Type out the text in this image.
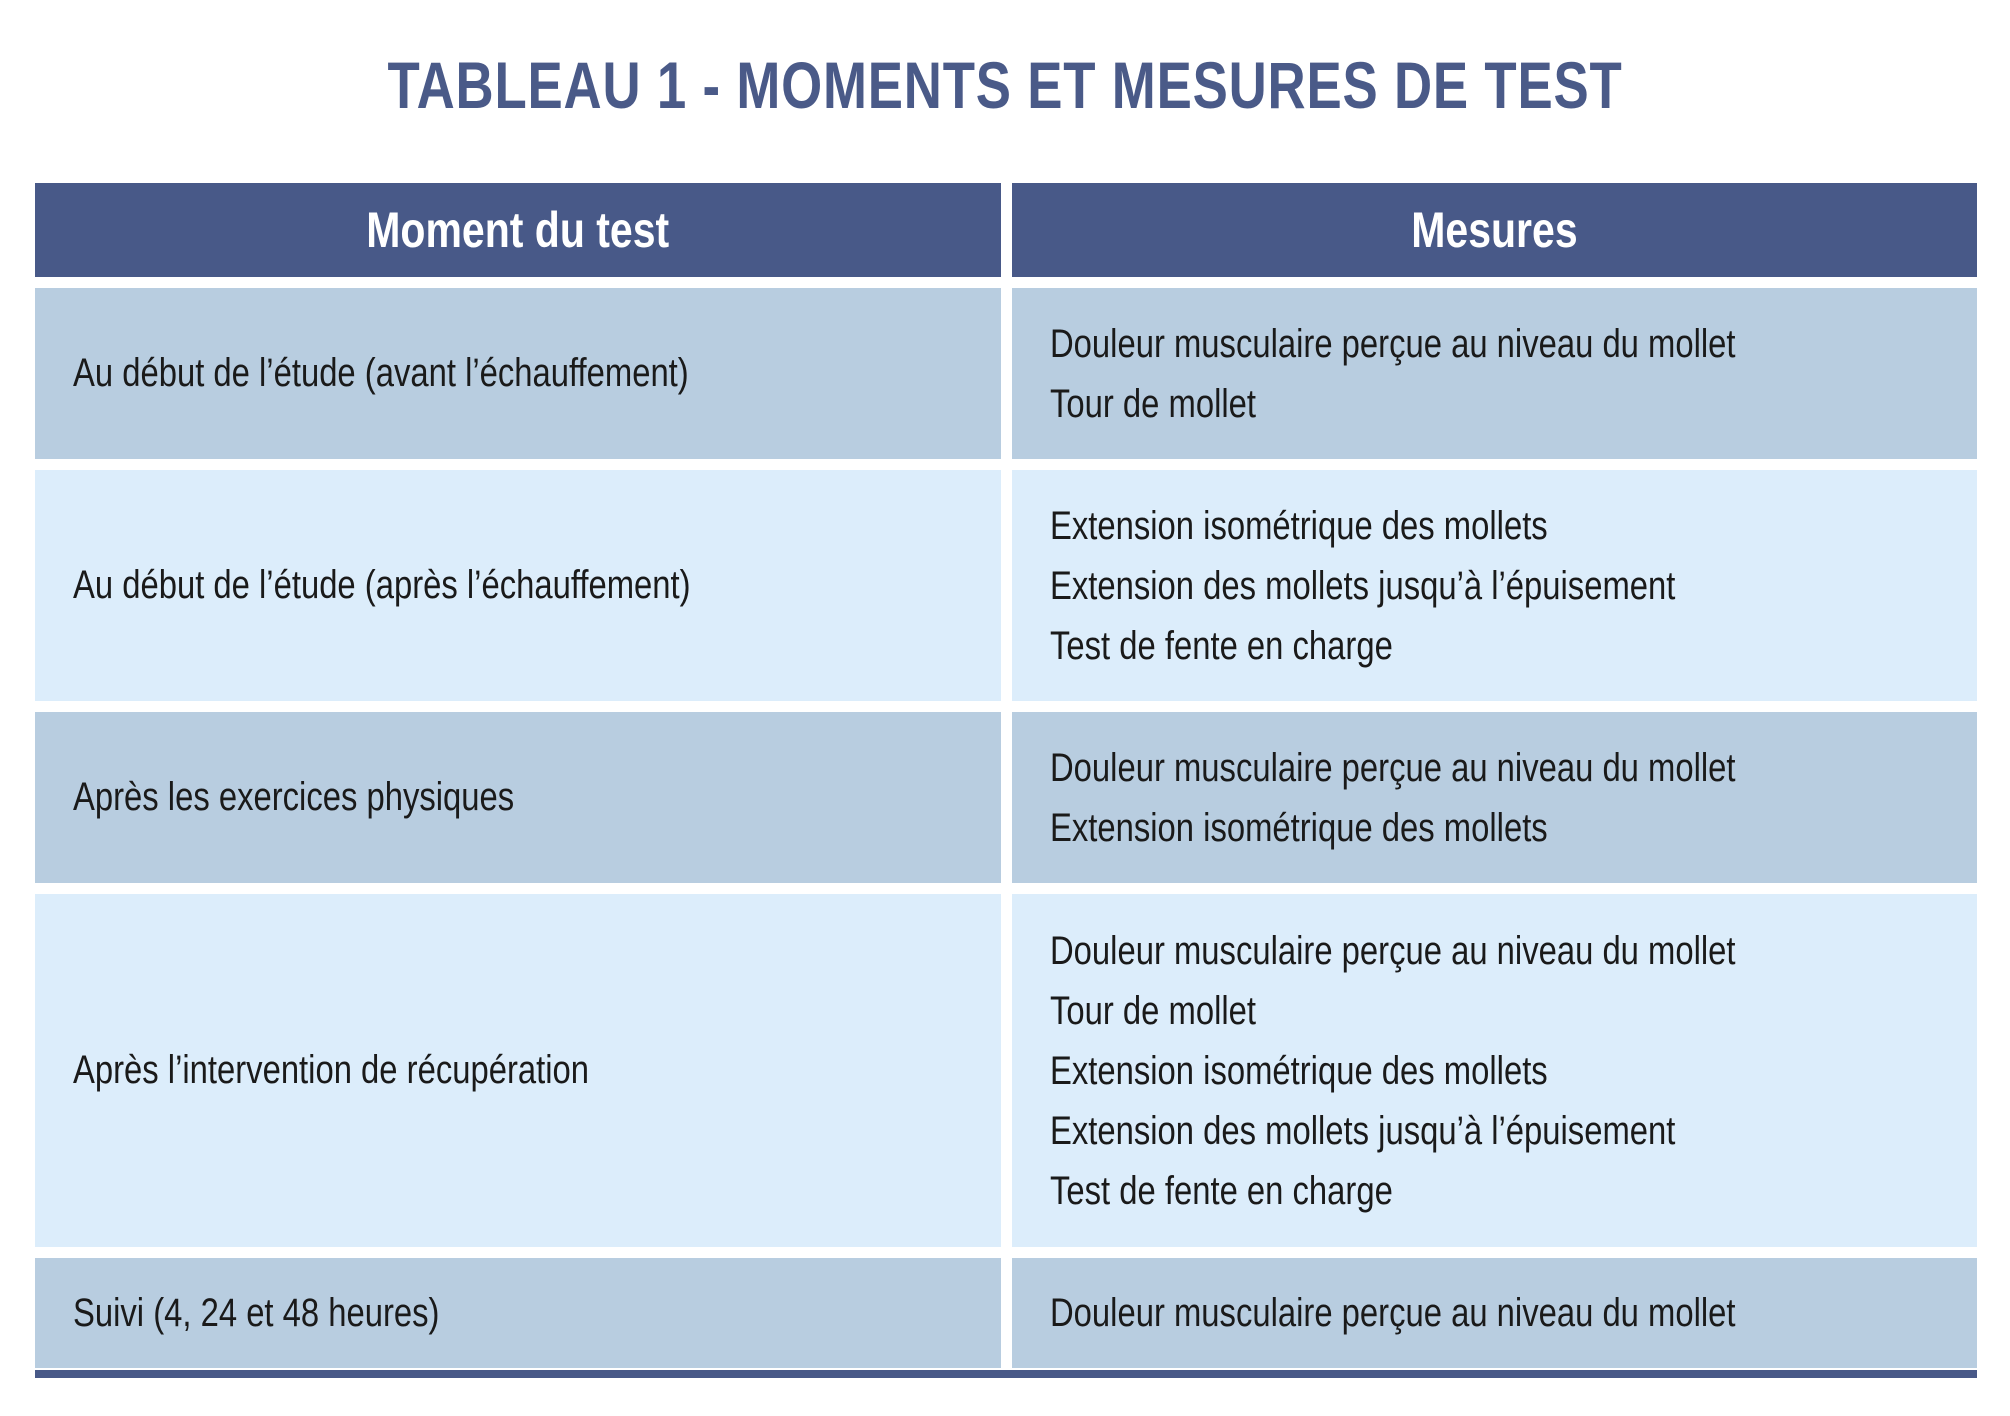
TABLEAU 1 - MOMENTS ET MESURES DE TEST
Moment du test	Mesures
Au début de l’étude (avant l’échauffement)
Douleur musculaire perçue au niveau du mollet
Tour de mollet
Au début de l’étude (après l’échauffement)
Extension isométrique des mollets
Extension des mollets jusqu’à l’épuisement
Test de fente en charge
Après les exercices physiques
Douleur musculaire perçue au niveau du mollet
Extension isométrique des mollets
Après l’intervention de récupération
Douleur musculaire perçue au niveau du mollet
Tour de mollet
Extension isométrique des mollets
Extension des mollets jusqu’à l’épuisement
Test de fente en charge
Suivi (4, 24 et 48 heures)	Douleur musculaire perçue au niveau du mollet
